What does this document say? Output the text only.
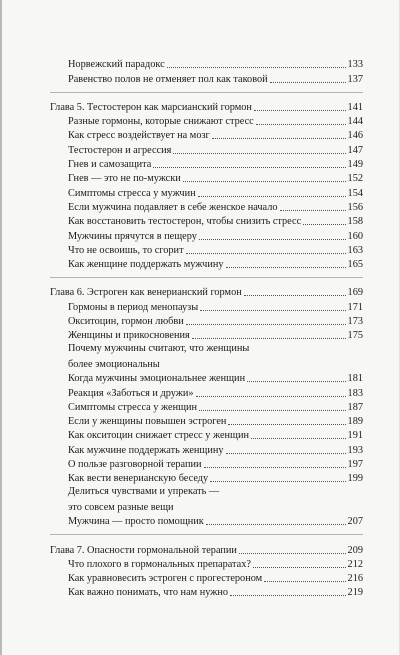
Норвежский парадокс	133
Равенство полов не отменяет пол как таковой	137
Глава 5. Тестостерон как марсианский гормон	141
Разные гормоны, которые снижают стресс	144
Как стресс воздействует на мозг	146
Тестостерон и агрессия	147
Гнев и самозащита	149
Гнев — это не по-мужски	152
Симптомы стресса у мужчин	154
Если мужчина подавляет в себе женское начало	156
Как восстановить тестостерон, чтобы снизить стресс	158
Мужчины прячутся в пещеру	160
Что не освоишь, то сгорит	163
Как женщине поддержать мужчину	165
Глава 6. Эстроген как венерианский гормон	169
Гормоны в период менопаузы	171
Окситоцин, гормон любви	173
Женщины и прикосновения	175
Почему мужчины считают, что женщины
более эмоциональны
Когда мужчины эмоциональнее женщин	181
Реакция «Заботься и дружи»	183
Симптомы стресса у женщин	187
Если у женщины повышен эстроген	189
Как окситоцин снижает стресс у женщин	191
Как мужчине поддержать женщину	193
О пользе разговорной терапии	197
Как вести венерианскую беседу	199
Делиться чувствами и упрекать —
это совсем разные вещи
Мужчина — просто помощник	207
Глава 7. Опасности гормональной терапии	209
Что плохого в гормональных препаратах?	212
Как уравновесить эстроген с прогестероном	216
Как важно понимать, что нам нужно	219
